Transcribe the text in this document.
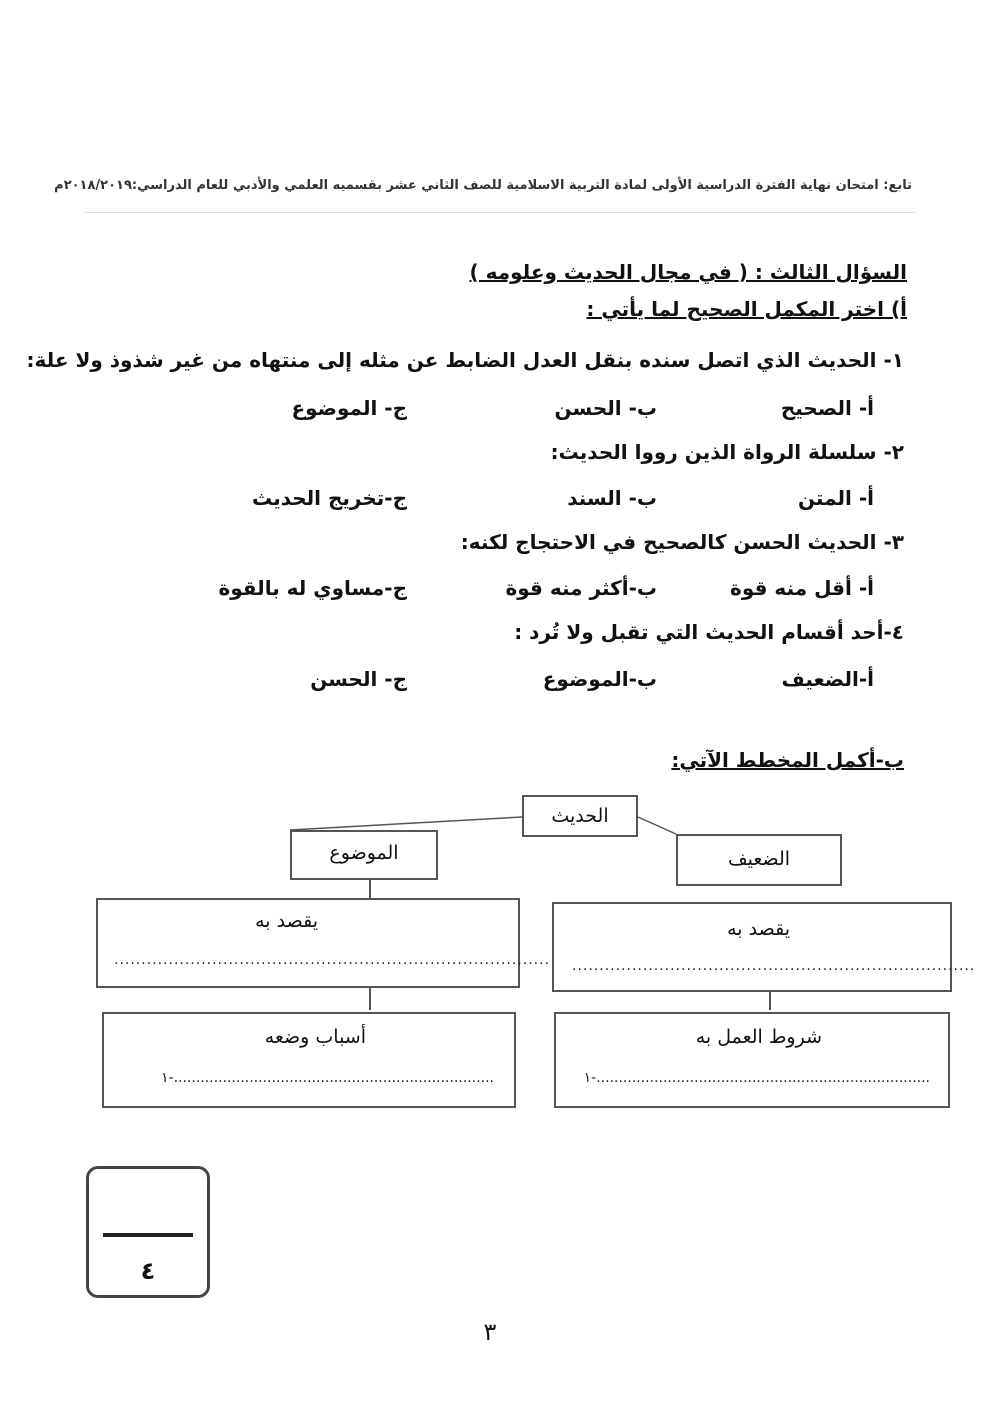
تابع: امتحان نهاية الفترة الدراسية الأولى لمادة التربية الاسلامية للصف الثاني عشر بقسميه العلمي والأدبي للعام الدراسي:٢٠١٨/٢٠١٩م
السؤال الثالث : ( في مجال الحديث وعلومه )
أ) اختر المكمل الصحيح لما يأتي :
١- الحديث الذي اتصل سنده بنقل العدل الضابط عن مثله إلى منتهاه من غير شذوذ ولا علة:
أ- الصحيح
ب- الحسن
ج- الموضوع
٢- سلسلة الرواة الذين رووا الحديث:
أ- المتن
ب- السند
ج-تخريج الحديث
٣- الحديث الحسن كالصحيح في الاحتجاج لكنه:
أ- أقل منه قوة
ب-أكثر منه قوة
ج-مساوي له بالقوة
٤-أحد أقسام الحديث التي تقبل ولا تُرد :
أ-الضعيف
ب-الموضوع
ج- الحسن
ب-أكمل المخطط الآتي:
الحديث
الموضوع	الضعيف
يقصد به
................................................................................
يقصد به
..........................................................................
أسباب وضعه
١-........................................................................
شروط العمل به
١-...........................................................................
٤
٣
